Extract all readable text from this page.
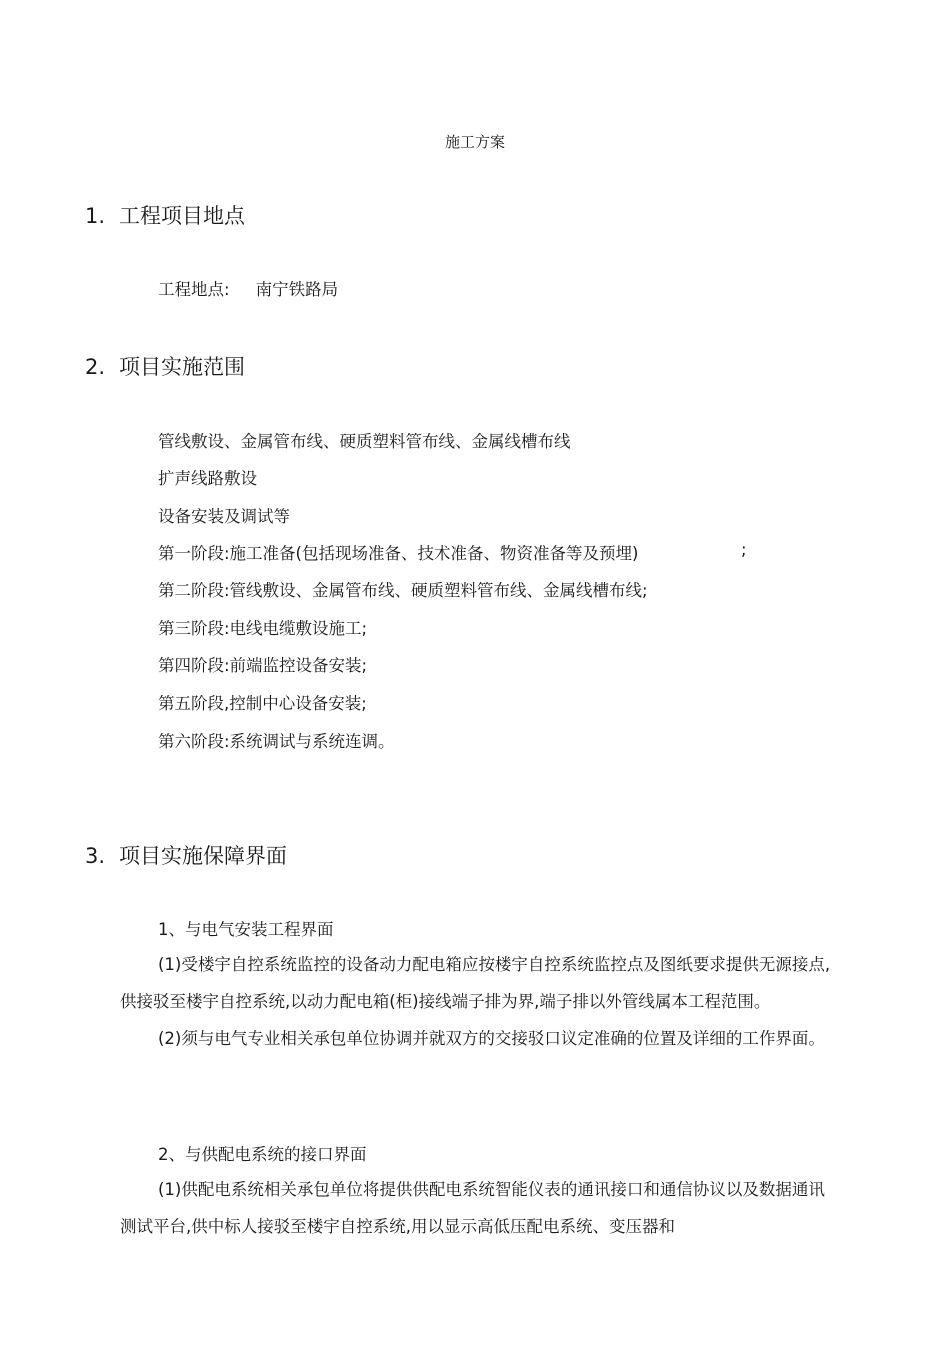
施工方案
1. 工程项目地点
工程地点: 南宁铁路局
2. 项目实施范围
管线敷设、金属管布线、硬质塑料管布线、金属线槽布线
扩声线路敷设
设备安装及调试等
第一阶段:施工准备(包括现场准备、技术准备、物资准备等及预埋)	;
第二阶段:管线敷设、金属管布线、硬质塑料管布线、金属线槽布线;
第三阶段:电线电缆敷设施工;
第四阶段:前端监控设备安装;
第五阶段,控制中心设备安装;
第六阶段:系统调试与系统连调。
3. 项目实施保障界面
1、与电气安装工程界面

(1)受楼宇自控系统监控的设备动力配电箱应按楼宇自控系统监控点及图纸要求提供无源接点,供接驳至楼宇自控系统,以动力配电箱(柜)接线端子排为界,端子排以外管线属本工程范围。

(2)须与电气专业相关承包单位协调并就双方的交接驳口议定准确的位置及详细的工作界面。

2、与供配电系统的接口界面

(1)供配电系统相关承包单位将提供供配电系统智能仪表的通讯接口和通信协议以及数据通讯测试平台,供中标人接驳至楼宇自控系统,用以显示高低压配电系统、变压器和
